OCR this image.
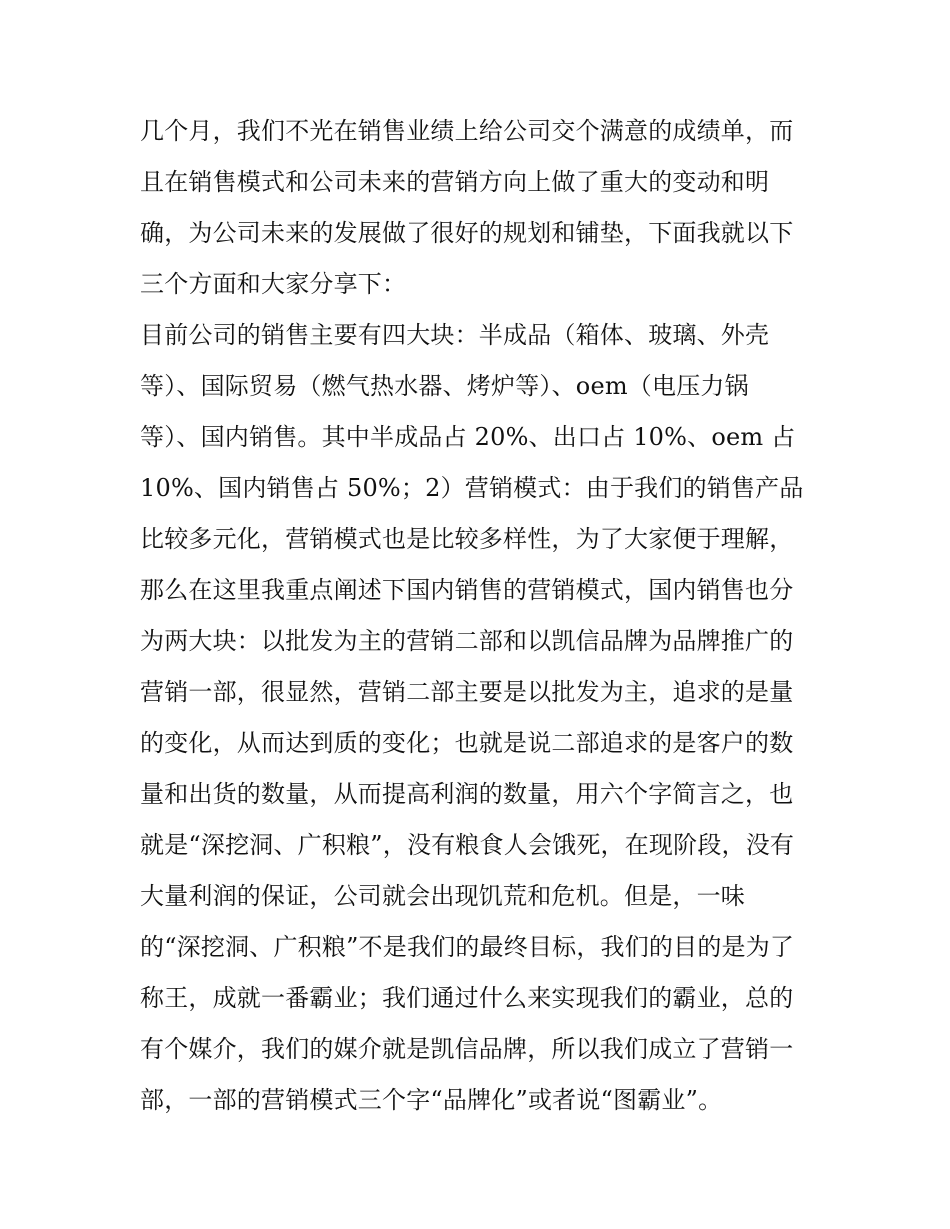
几个月，我们不光在销售业绩上给公司交个满意的成绩单，而
且在销售模式和公司未来的营销方向上做了重大的变动和明
确，为公司未来的发展做了很好的规划和铺垫，下面我就以下
三个方面和大家分享下：
目前公司的销售主要有四大块：半成品（箱体、玻璃、外壳
等）、国际贸易（燃气热水器、烤炉等）、oem（电压力锅
等）、国内销售。其中半成品占 20%、出口占 10%、oem 占
10%、国内销售占 50%；2）营销模式：由于我们的销售产品
比较多元化，营销模式也是比较多样性，为了大家便于理解，
那么在这里我重点阐述下国内销售的营销模式，国内销售也分
为两大块：以批发为主的营销二部和以凯信品牌为品牌推广的
营销一部，很显然，营销二部主要是以批发为主，追求的是量
的变化，从而达到质的变化；也就是说二部追求的是客户的数
量和出货的数量，从而提高利润的数量，用六个字简言之，也
就是“深挖洞、广积粮”，没有粮食人会饿死，在现阶段，没有
大量利润的保证，公司就会出现饥荒和危机。但是，一味
的“深挖洞、广积粮”不是我们的最终目标，我们的目的是为了
称王，成就一番霸业；我们通过什么来实现我们的霸业，总的
有个媒介，我们的媒介就是凯信品牌，所以我们成立了营销一
部，一部的营销模式三个字“品牌化”或者说“图霸业”。
